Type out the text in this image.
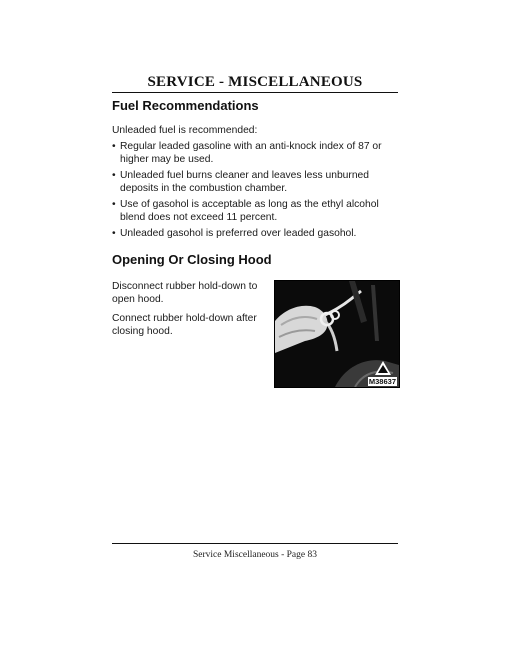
SERVICE - MISCELLANEOUS
Fuel Recommendations
Unleaded fuel is recommended:
• Regular leaded gasoline with an anti-knock index of 87 or higher may be used.
• Unleaded fuel burns cleaner and leaves less unburned deposits in the combustion chamber.
• Use of gasohol is acceptable as long as the ethyl alcohol blend does not exceed 11 percent.
• Unleaded gasohol is preferred over leaded gasohol.
Opening Or Closing Hood
Disconnect rubber hold-down to open hood.
Connect rubber hold-down after closing hood.
M38637
Service Miscellaneous - Page 83
